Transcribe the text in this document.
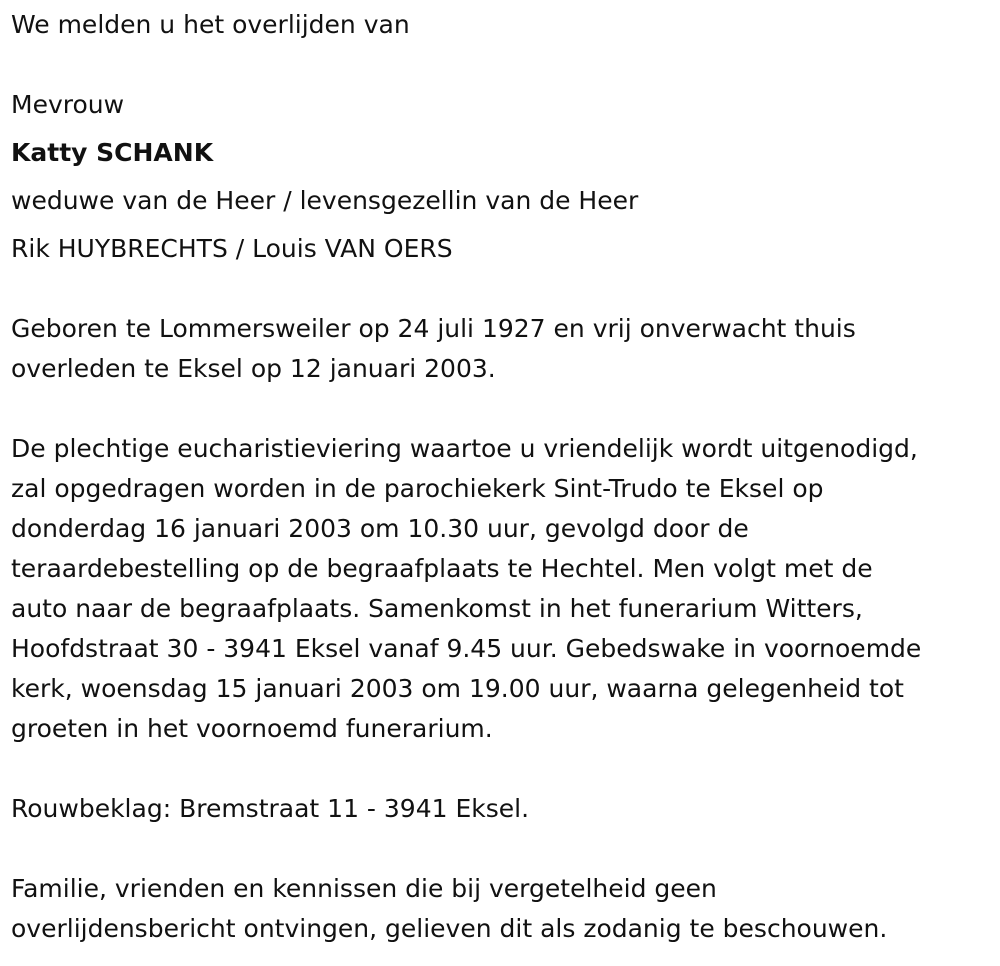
We melden u het overlijden van
Mevrouw
Katty SCHANK
weduwe van de Heer / levensgezellin van de Heer
Rik HUYBRECHTS / Louis VAN OERS
Geboren te Lommersweiler op 24 juli 1927 en vrij onverwacht thuis
overleden te Eksel op 12 januari 2003.
De plechtige eucharistieviering waartoe u vriendelijk wordt uitgenodigd,
zal opgedragen worden in de parochiekerk Sint-Trudo te Eksel op
donderdag 16 januari 2003 om 10.30 uur, gevolgd door de
teraardebestelling op de begraafplaats te Hechtel. Men volgt met de
auto naar de begraafplaats. Samenkomst in het funerarium Witters,
Hoofdstraat 30 - 3941 Eksel vanaf 9.45 uur. Gebedswake in voornoemde
kerk, woensdag 15 januari 2003 om 19.00 uur, waarna gelegenheid tot
groeten in het voornoemd funerarium.
Rouwbeklag: Bremstraat 11 - 3941 Eksel.
Familie, vrienden en kennissen die bij vergetelheid geen
overlijdensbericht ontvingen, gelieven dit als zodanig te beschouwen.
